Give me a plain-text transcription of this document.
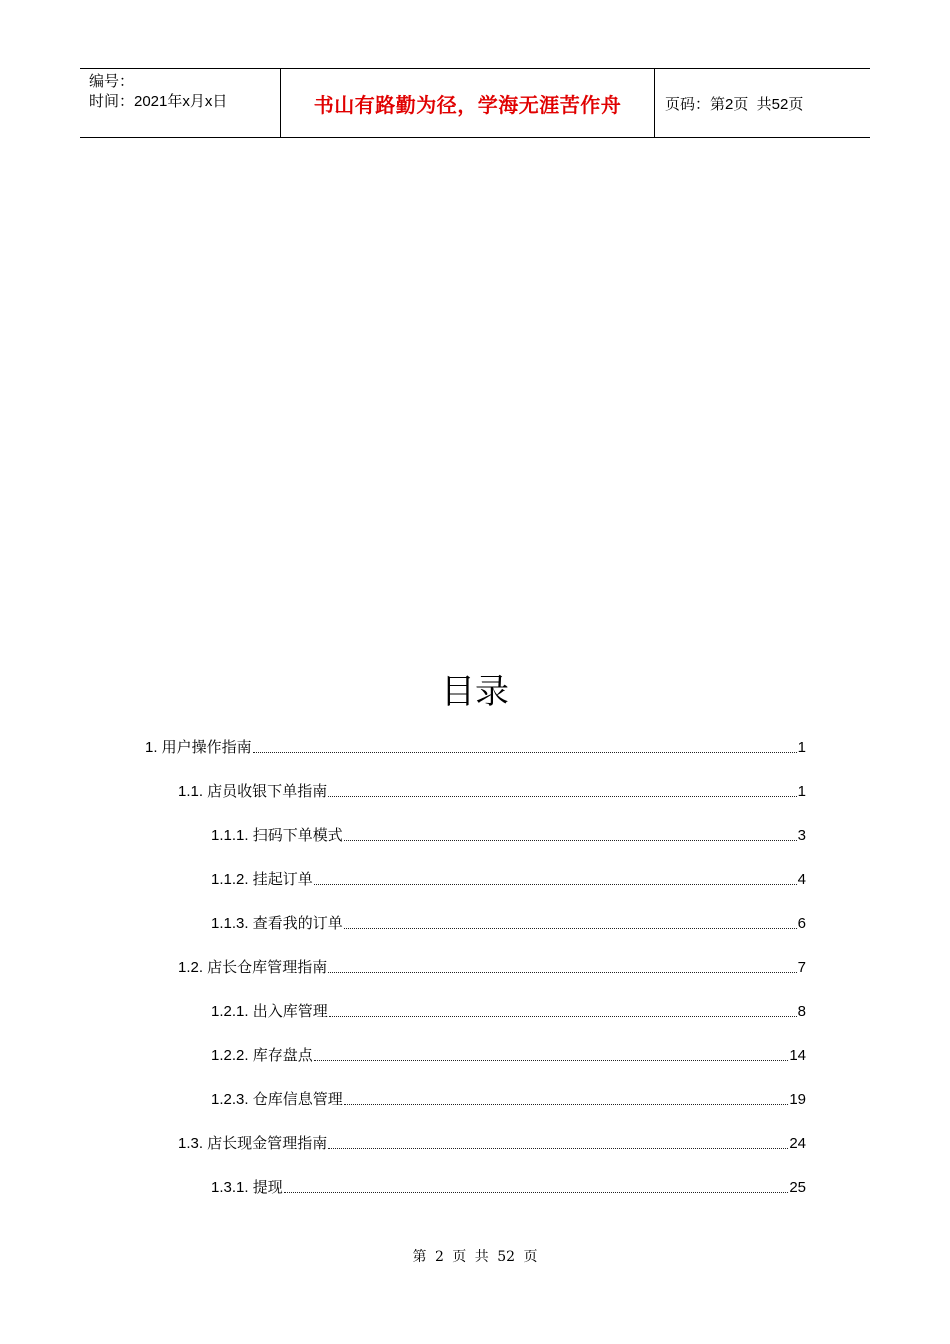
编号：
时间：2021年x月x日	书山有路勤为径，学海无涯苦作舟	页码：第2页  共52页
目录
1. 用户操作指南	1
1.1. 店员收银下单指南	1
1.1.1. 扫码下单模式	3
1.1.2. 挂起订单	4
1.1.3. 查看我的订单	6
1.2. 店长仓库管理指南	7
1.2.1. 出入库管理	8
1.2.2. 库存盘点	14
1.2.3. 仓库信息管理	19
1.3. 店长现金管理指南	24
1.3.1. 提现	25
第 2 页 共 52 页
